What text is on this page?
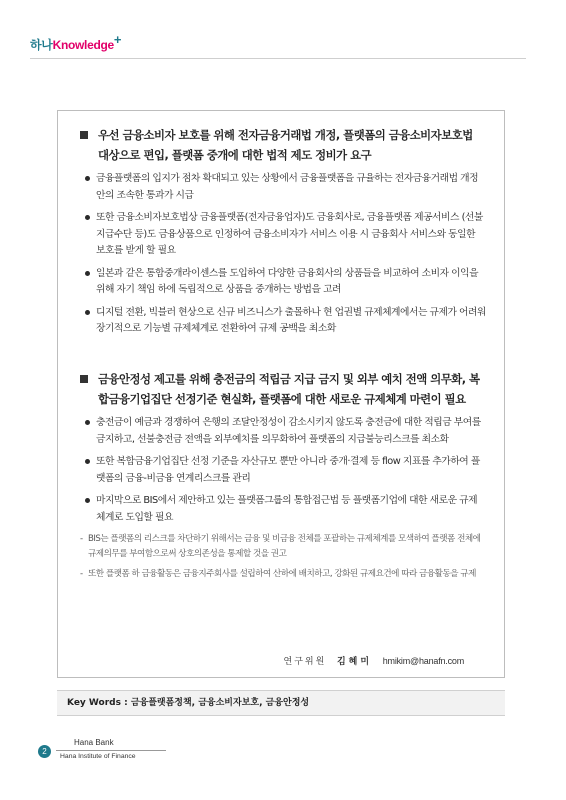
하나Knowledge+
우선 금융소비자 보호를 위해 전자금융거래법 개정, 플랫폼의 금융소비자보호법 대상으로 편입, 플랫폼 중개에 대한 법적 제도 정비가 요구
금융플랫폼의 입지가 점차 확대되고 있는 상황에서 금융플랫폼을 규율하는 전자금융거래법 개정안의 조속한 통과가 시급
또한 금융소비자보호법상 금융플랫폼(전자금융업자)도 금융회사로, 금융플랫폼 제공서비스 (선불지급수단 등)도 금융상품으로 인정하여 금융소비자가 서비스 이용 시 금융회사 서비스와 동일한 보호를 받게 할 필요
일본과 같은 통합중개라이센스를 도입하여 다양한 금융회사의 상품들을 비교하여 소비자 이익을 위해 자기 책임 하에 독립적으로 상품을 중개하는 방법을 고려
디지털 전환, 빅블러 현상으로 신규 비즈니스가 출몰하나 현 업권별 규제체계에서는 규제가 어려워 장기적으로 기능별 규제체계로 전환하여 규제 공백을 최소화
금융안정성 제고를 위해 충전금의 적립금 지급 금지 및 외부 예치 전액 의무화, 복합금융기업집단 선정기준 현실화, 플랫폼에 대한 새로운 규제체계 마련이 필요
충전금이 예금과 경쟁하여 은행의 조달안정성이 감소시키지 않도록 충전금에 대한 적립금 부여를 금지하고, 선불충전금 전액을 외부예치를 의무화하여 플랫폼의 지급불능리스크를 최소화
또한 복합금융기업집단 선정 기준을 자산규모 뿐만 아니라 중개·결제 등 flow 지표를 추가하여 플랫폼의 금융-비금융 연계리스크를 관리
마지막으로 BIS에서 제안하고 있는 플랫폼그룹의 통합접근법 등 플랫폼기업에 대한 새로운 규제체계로 도입할 필요
- BIS는 플랫폼의 리스크를 차단하기 위해서는 금융 및 비금융 전체를 포괄하는 규제체계를 모색하여 플랫폼 전체에 규제의무를 부여함으로써 상호의존성을 통제할 것을 권고
- 또한 플랫폼 하 금융활동은 금융지주회사를 설립하여 산하에 배치하고, 강화된 규제요건에 따라 금융활동을 규제
연구위원 김혜미 hmikim@hanafn.com
Key Words : 금융플랫폼정책, 금융소비자보호, 금융안정성
2
Hana Bank
Hana Institute of Finance
